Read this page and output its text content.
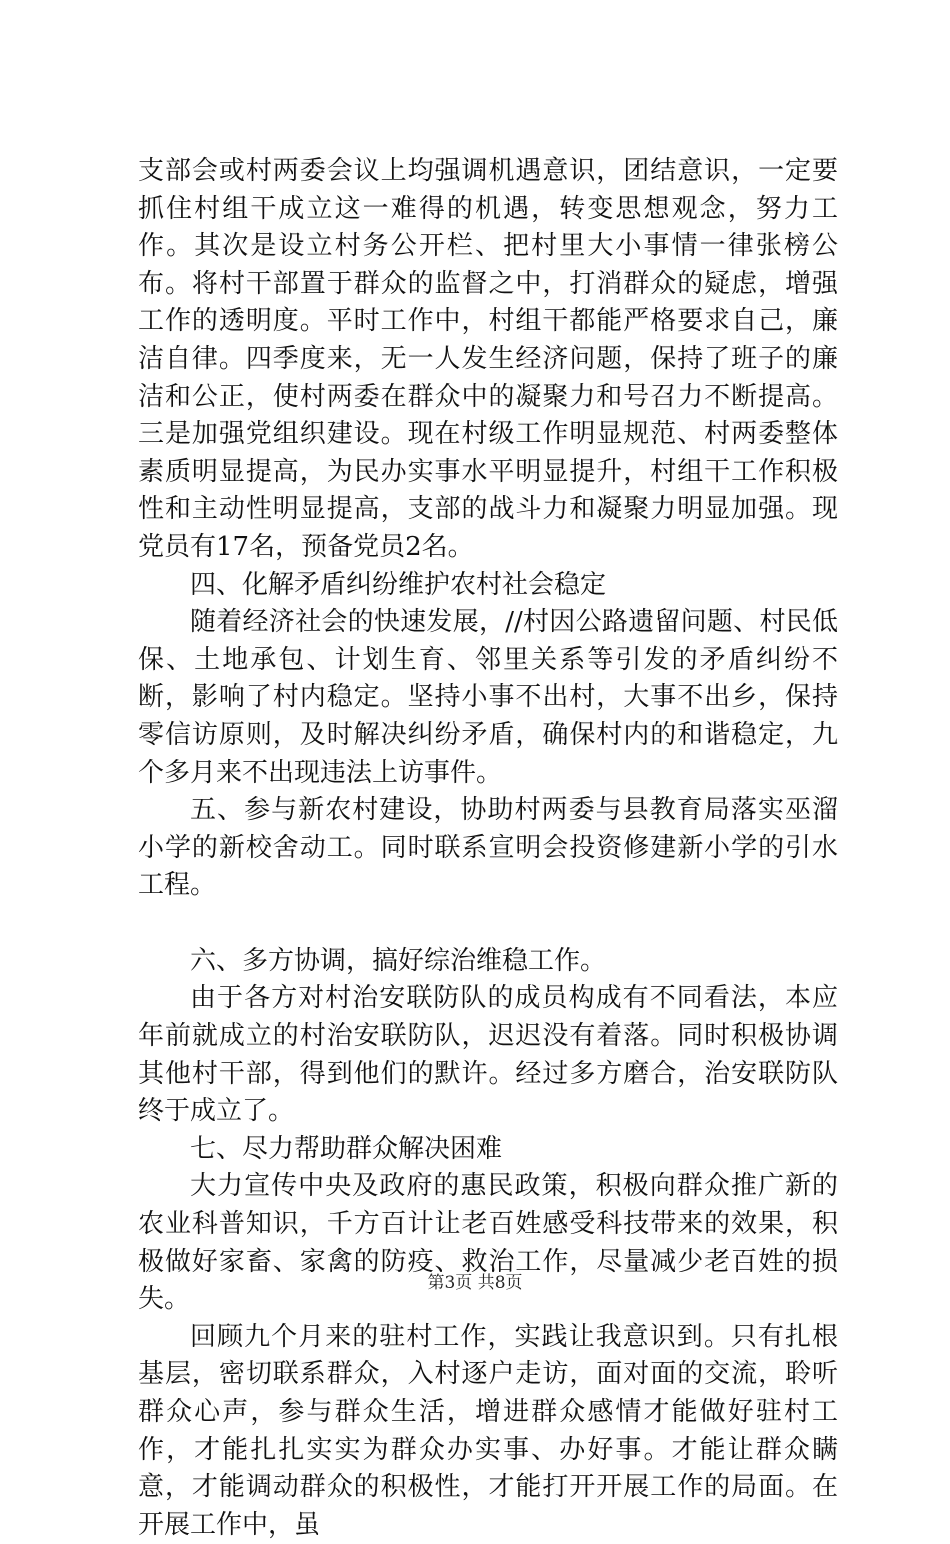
支部会或村两委会议上均强调机遇意识，团结意识，一定要抓住村组干成立这一难得的机遇，转变思想观念，努力工作。其次是设立村务公开栏、把村里大小事情一律张榜公布。将村干部置于群众的监督之中，打消群众的疑虑，增强工作的透明度。平时工作中，村组干都能严格要求自己，廉洁自律。四季度来，无一人发生经济问题，保持了班子的廉洁和公正，使村两委在群众中的凝聚力和号召力不断提高。三是加强党组织建设。现在村级工作明显规范、村两委整体素质明显提高，为民办实事水平明显提升，村组干工作积极性和主动性明显提高，支部的战斗力和凝聚力明显加强。现党员有17名，预备党员2名。

四、化解矛盾纠纷维护农村社会稳定

随着经济社会的快速发展，//村因公路遗留问题、村民低保、土地承包、计划生育、邻里关系等引发的矛盾纠纷不断，影响了村内稳定。坚持小事不出村，大事不出乡，保持零信访原则，及时解决纠纷矛盾，确保村内的和谐稳定，九个多月来不出现违法上访事件。

五、参与新农村建设，协助村两委与县教育局落实巫溜小学的新校舍动工。同时联系宣明会投资修建新小学的引水工程。

六、多方协调，搞好综治维稳工作。

由于各方对村治安联防队的成员构成有不同看法，本应年前就成立的村治安联防队，迟迟没有着落。同时积极协调其他村干部，得到他们的默许。经过多方磨合，治安联防队终于成立了。

七、尽力帮助群众解决困难

大力宣传中央及政府的惠民政策，积极向群众推广新的农业科普知识，千方百计让老百姓感受科技带来的效果，积极做好家畜、家禽的防疫、救治工作，尽量减少老百姓的损失。

回顾九个月来的驻村工作，实践让我意识到。只有扎根基层，密切联系群众，入村逐户走访，面对面的交流，聆听群众心声，参与群众生活，增进群众感情才能做好驻村工作，才能扎扎实实为群众办实事、办好事。才能让群众瞒意，才能调动群众的积极性，才能打开开展工作的局面。在开展工作中，虽

第3页 共8页
